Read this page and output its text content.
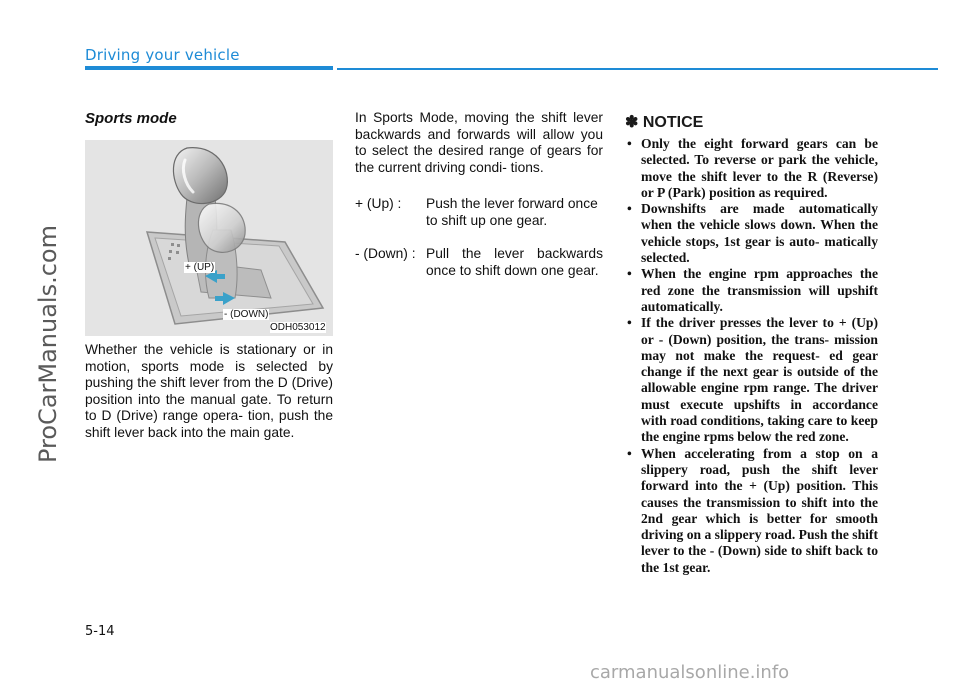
Driving your vehicle
ProCarManuals.com
Sports mode
+ (UP)
- (DOWN)
ODH053012
Whether the vehicle is stationary or in motion, sports mode is selected by pushing the shift lever from the D (Drive) position into the manual gate. To return to D (Drive) range opera- tion, push the shift lever back into the main gate.
In Sports Mode, moving the shift lever backwards and forwards will allow you to select the desired range of gears for the current driving condi- tions.
+ (Up) : Push the lever forward once to shift up one gear.
- (Down) : Pull the lever backwards once to shift down one gear.
✽ NOTICE
• Only the eight forward gears can be selected. To reverse or park the vehicle, move the shift lever to the R (Reverse) or P (Park) position as required.
• Downshifts are made automatically when the vehicle slows down. When the vehicle stops, 1st gear is auto- matically selected.
• When the engine rpm approaches the red zone the transmission will upshift automatically.
• If the driver presses the lever to + (Up) or - (Down) position, the trans- mission may not make the request- ed gear change if the next gear is outside of the allowable engine rpm range. The driver must execute upshifts in accordance with road conditions, taking care to keep the engine rpms below the red zone.
• When accelerating from a stop on a slippery road, push the shift lever forward into the + (Up) position. This causes the transmission to shift into the 2nd gear which is better for smooth driving on a slippery road. Push the shift lever to the - (Down) side to shift back to the 1st gear.
5-14
carmanualsonline.info
